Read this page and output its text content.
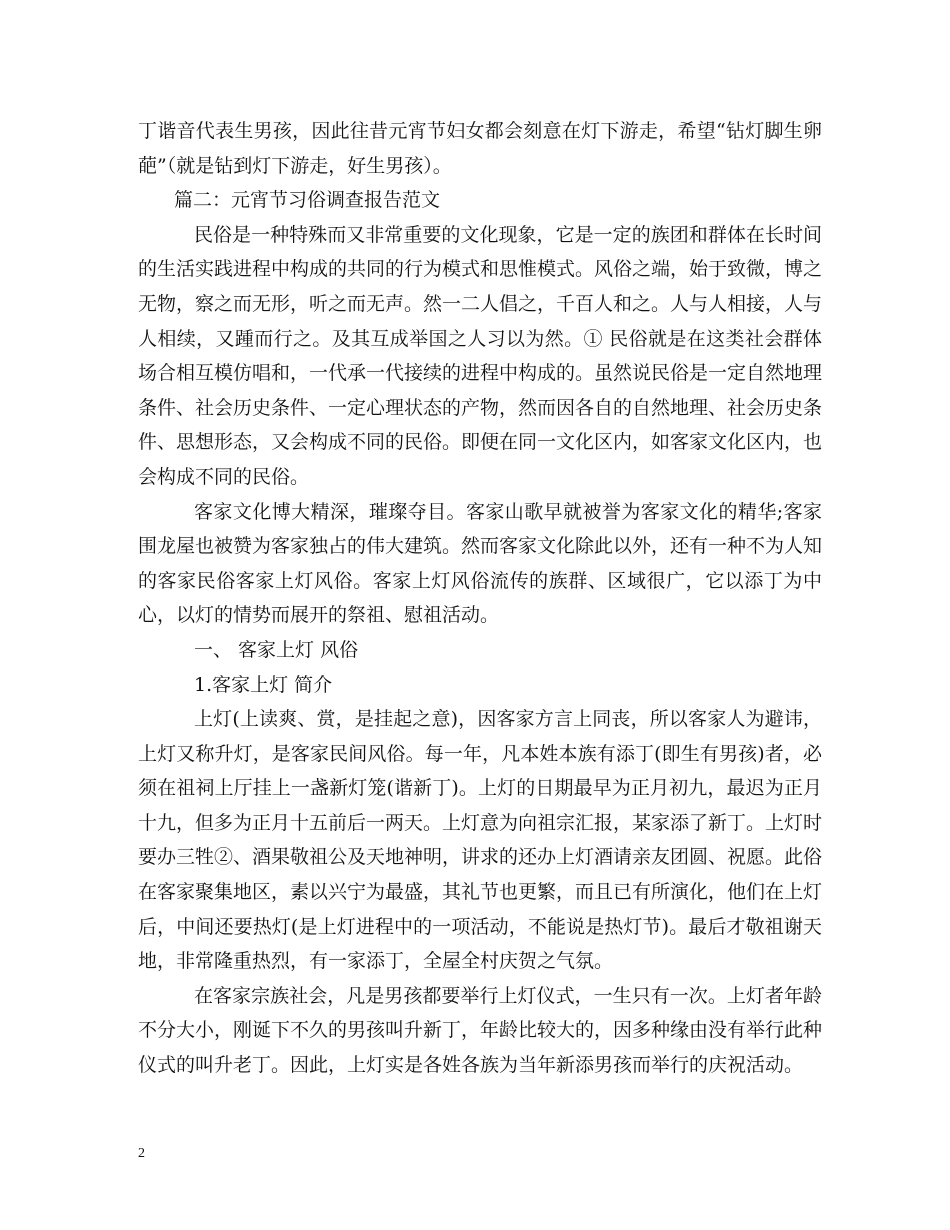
丁谐音代表生男孩，因此往昔元宵节妇女都会刻意在灯下游走，希望“钻灯脚生卵葩”（就是钻到灯下游走，好生男孩）。

篇二：元宵节习俗调查报告范文

民俗是一种特殊而又非常重要的文化现象，它是一定的族团和群体在长时间的生活实践进程中构成的共同的行为模式和思惟模式。风俗之端，始于致微，博之无物，察之而无形，听之而无声。然一二人倡之，千百人和之。人与人相接，人与人相续，又踵而行之。及其互成举国之人习以为然。① 民俗就是在这类社会群体场合相互模仿唱和，一代承一代接续的进程中构成的。虽然说民俗是一定自然地理条件、社会历史条件、一定心理状态的产物，然而因各自的自然地理、社会历史条件、思想形态，又会构成不同的民俗。即便在同一文化区内，如客家文化区内，也会构成不同的民俗。

客家文化博大精深，璀璨夺目。客家山歌早就被誉为客家文化的精华;客家围龙屋也被赞为客家独占的伟大建筑。然而客家文化除此以外，还有一种不为人知的客家民俗客家上灯风俗。客家上灯风俗流传的族群、区域很广，它以添丁为中心，以灯的情势而展开的祭祖、慰祖活动。

一、 客家上灯 风俗

1.客家上灯 简介

上灯(上读爽、赏，是挂起之意)，因客家方言上同丧，所以客家人为避讳，上灯又称升灯，是客家民间风俗。每一年，凡本姓本族有添丁(即生有男孩)者，必须在祖祠上厅挂上一盏新灯笼(谐新丁)。上灯的日期最早为正月初九，最迟为正月十九，但多为正月十五前后一两天。上灯意为向祖宗汇报，某家添了新丁。上灯时要办三牲②、酒果敬祖公及天地神明，讲求的还办上灯酒请亲友团圆、祝愿。此俗在客家聚集地区，素以兴宁为最盛，其礼节也更繁，而且已有所演化，他们在上灯后，中间还要热灯(是上灯进程中的一项活动，不能说是热灯节)。最后才敬祖谢天地，非常隆重热烈，有一家添丁，全屋全村庆贺之气氛。

在客家宗族社会，凡是男孩都要举行上灯仪式，一生只有一次。上灯者年龄不分大小，刚诞下不久的男孩叫升新丁，年龄比较大的，因多种缘由没有举行此种仪式的叫升老丁。因此，上灯实是各姓各族为当年新添男孩而举行的庆祝活动。

2
